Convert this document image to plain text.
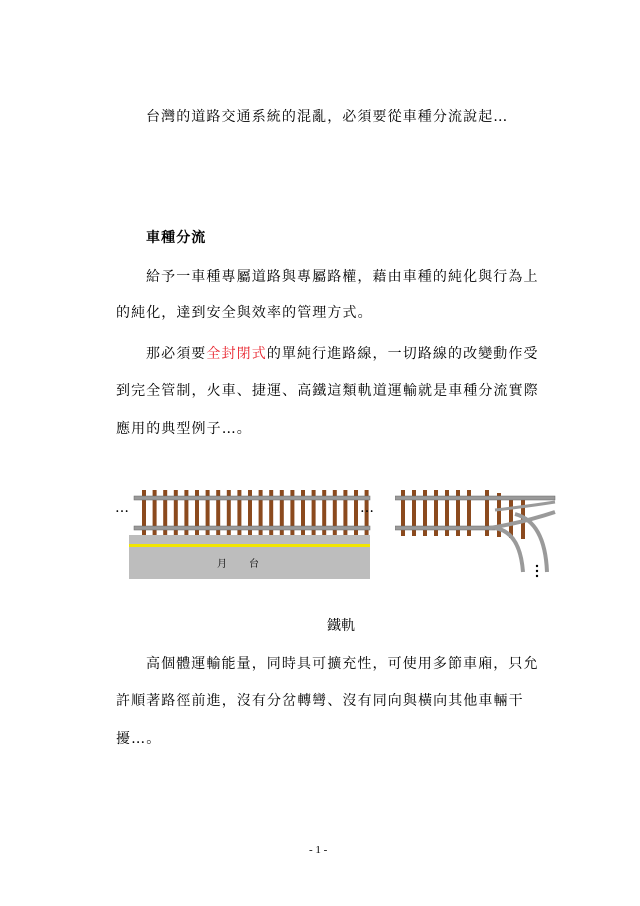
台灣的道路交通系統的混亂，必須要從車種分流說起…
車種分流
給予一車種專屬道路與專屬路權，藉由車種的純化與行為上
的純化，達到安全與效率的管理方式。
那必須要全封閉式的單純行進路線，一切路線的改變動作受
到完全管制，火車、捷運、高鐵這類軌道運輸就是車種分流實際
應用的典型例子…。
月台
…	…
鐵軌
高個體運輸能量，同時具可擴充性，可使用多節車廂，只允
許順著路徑前進，沒有分岔轉彎、沒有同向與橫向其他車輛干
擾…。
- 1 -
